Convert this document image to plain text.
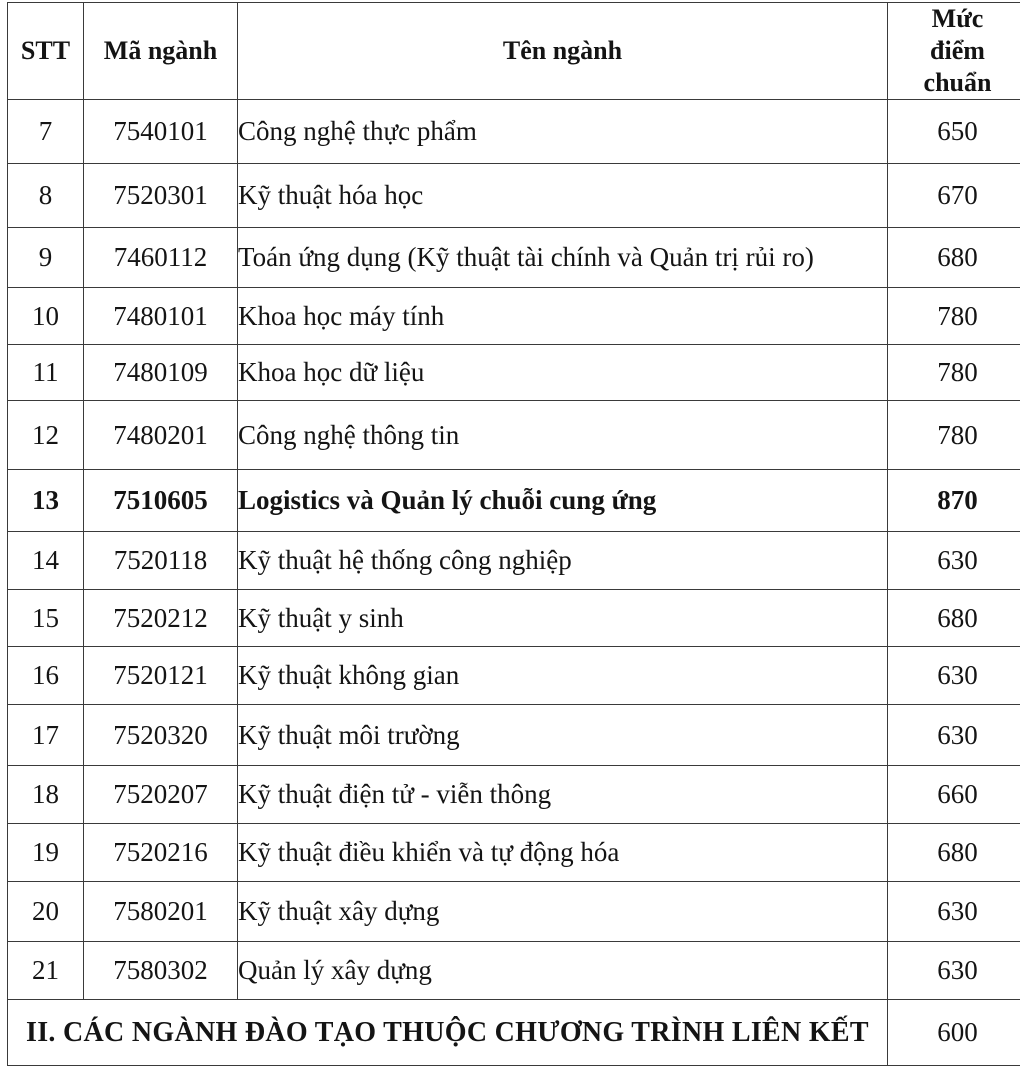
STT	Mã ngành	Tên ngành	Mức
điểm
chuẩn

7	7540101	Công nghệ thực phẩm	650
8	7520301	Kỹ thuật hóa học	670
9	7460112	Toán ứng dụng (Kỹ thuật tài chính và Quản trị rủi ro)	680
10	7480101	Khoa học máy tính	780
11	7480109	Khoa học dữ liệu	780
12	7480201	Công nghệ thông tin	780
13	7510605	Logistics và Quản lý chuỗi cung ứng	870
14	7520118	Kỹ thuật hệ thống công nghiệp	630
15	7520212	Kỹ thuật y sinh	680
16	7520121	Kỹ thuật không gian	630
17	7520320	Kỹ thuật môi trường	630
18	7520207	Kỹ thuật điện tử - viễn thông	660
19	7520216	Kỹ thuật điều khiển và tự động hóa	680
20	7580201	Kỹ thuật xây dựng	630
21	7580302	Quản lý xây dựng	630
II. CÁC NGÀNH ĐÀO TẠO THUỘC CHƯƠNG TRÌNH LIÊN KẾT			600
